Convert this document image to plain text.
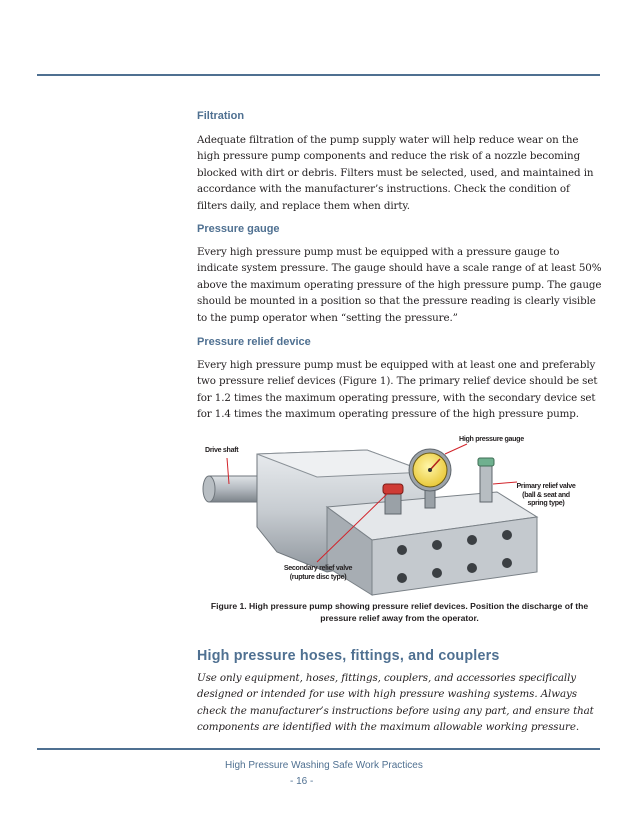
Filtration

Adequate filtration of the pump supply water will help reduce wear on the high pressure pump components and reduce the risk of a nozzle becoming blocked with dirt or debris. Filters must be selected, used, and maintained in accordance with the manufacturer’s instructions. Check the condition of filters daily, and replace them when dirty.

Pressure gauge

Every high pressure pump must be equipped with a pressure gauge to indicate system pressure. The gauge should have a scale range of at least 50% above the maximum operating pressure of the high pressure pump. The gauge should be mounted in a position so that the pressure reading is clearly visible to the pump operator when “setting the pressure.”

Pressure relief device

Every high pressure pump must be equipped with at least one and preferably two pressure relief devices (Figure 1). The primary relief device should be set for 1.2 times the maximum operating pressure, with the secondary device set for 1.4 times the maximum operating pressure of the high pressure pump.

Drive shaft
High pressure gauge
Primary relief valve
(ball & seat and
spring type)
Secondary relief valve
(rupture disc type)
Figure 1. High pressure pump showing pressure relief devices. Position the discharge of the pressure relief away from the operator.
High pressure hoses, fittings, and couplers

Use only equipment, hoses, fittings, couplers, and accessories specifically designed or intended for use with high pressure washing systems. Always check the manufacturer’s instructions before using any part, and ensure that components are identified with the maximum allowable working pressure.

High Pressure Washing Safe Work Practices
- 16 -
